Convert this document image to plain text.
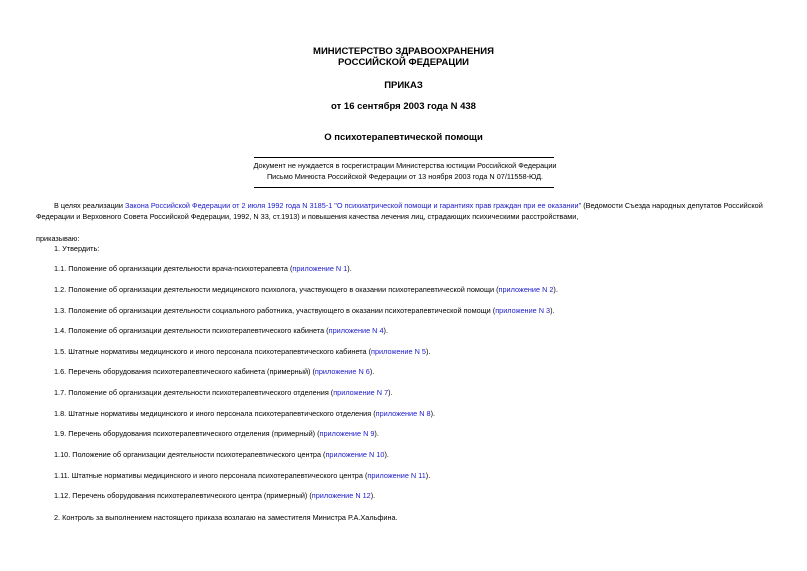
МИНИСТЕРСТВО ЗДРАВООХРАНЕНИЯ
РОССИЙСКОЙ ФЕДЕРАЦИИ
ПРИКАЗ
от 16 сентября 2003 года N 438
О психотерапевтической помощи
Документ не нуждается в госрегистрации Министерства юстиции Российской Федерации
Письмо Минюста Российской Федерации от 13 ноября 2003 года N 07/11558-ЮД.
В целях реализации Закона Российской Федерации от 2 июля 1992 года N 3185-1 "О психиатрической помощи и гарантиях прав граждан при ее оказании" (Ведомости Съезда народных депутатов Российской Федерации и Верховного Совета Российской Федерации, 1992, N 33, ст.1913) и повышения качества лечения лиц, страдающих психическими расстройствами,
приказываю:
1. Утвердить:
1.1. Положение об организации деятельности врача-психотерапевта (приложение N 1).
1.2. Положение об организации деятельности медицинского психолога, участвующего в оказании психотерапевтической помощи (приложение N 2).
1.3. Положение об организации деятельности социального работника, участвующего в оказании психотерапевтической помощи (приложение N 3).
1.4. Положение об организации деятельности психотерапевтического кабинета (приложение N 4).
1.5. Штатные нормативы медицинского и иного персонала психотерапевтического кабинета (приложение N 5).
1.6. Перечень оборудования психотерапевтического кабинета (примерный) (приложение N 6).
1.7. Положение об организации деятельности психотерапевтического отделения (приложение N 7).
1.8. Штатные нормативы медицинского и иного персонала психотерапевтического отделения (приложение N 8).
1.9. Перечень оборудования психотерапевтического отделения (примерный) (приложение N 9).
1.10. Положение об организации деятельности психотерапевтического центра (приложение N 10).
1.11. Штатные нормативы медицинского и иного персонала психотерапевтического центра (приложение N 11).
1.12. Перечень оборудования психотерапевтического центра (примерный) (приложение N 12).
2. Контроль за выполнением настоящего приказа возлагаю на заместителя Министра Р.А.Хальфина.
